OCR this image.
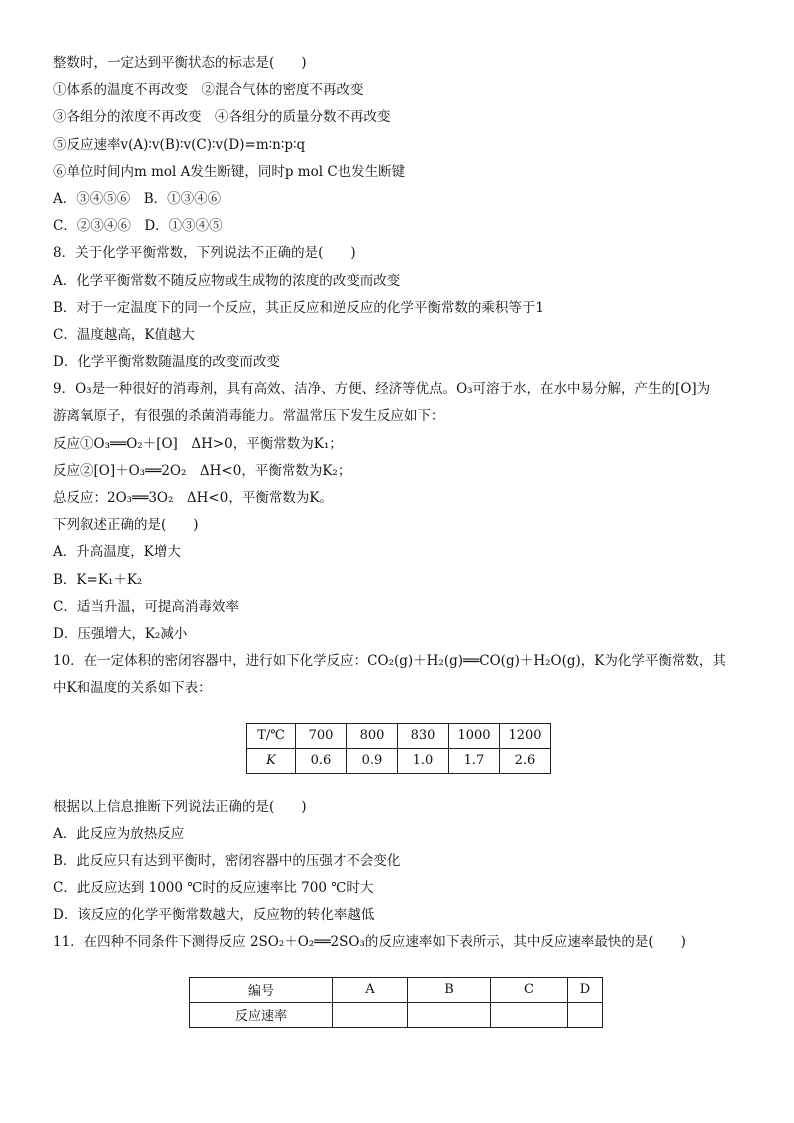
整数时，一定达到平衡状态的标志是(　　)
①体系的温度不再改变　②混合气体的密度不再改变
③各组分的浓度不再改变　④各组分的质量分数不再改变
⑤反应速率v(A)∶v(B)∶v(C)∶v(D)=m∶n∶p∶q
⑥单位时间内m mol A发生断键，同时p mol C也发生断键
A．③④⑤⑥　B．①③④⑥
C．②③④⑥　D．①③④⑤
8．关于化学平衡常数，下列说法不正确的是(　　)
A．化学平衡常数不随反应物或生成物的浓度的改变而改变
B．对于一定温度下的同一个反应，其正反应和逆反应的化学平衡常数的乘积等于1
C．温度越高，K值越大
D．化学平衡常数随温度的改变而改变
9．O₃是一种很好的消毒剂，具有高效、洁净、方便、经济等优点。O₃可溶于水，在水中易分解，产生的[O]为
游离氧原子，有很强的杀菌消毒能力。常温常压下发生反应如下：
反应①O₃══O₂＋[O]　ΔH>0，平衡常数为K₁；
反应②[O]＋O₃══2O₂　ΔH<0，平衡常数为K₂；
总反应：2O₃══3O₂　ΔH<0，平衡常数为K。
下列叙述正确的是(　　)
A．升高温度，K增大
B．K=K₁＋K₂
C．适当升温，可提高消毒效率
D．压强增大，K₂减小
10．在一定体积的密闭容器中，进行如下化学反应：CO₂(g)＋H₂(g)══CO(g)＋H₂O(g)，K为化学平衡常数，其
中K和温度的关系如下表：
T/℃	700	800	830	1000	1200
K	0.6	0.9	1.0	1.7	2.6
根据以上信息推断下列说法正确的是(　　)
A．此反应为放热反应
B．此反应只有达到平衡时，密闭容器中的压强才不会变化
C．此反应达到 1000 ℃时的反应速率比 700 ℃时大
D．该反应的化学平衡常数越大，反应物的转化率越低
11．在四种不同条件下测得反应 2SO₂＋O₂══2SO₃的反应速率如下表所示，其中反应速率最快的是(　　)
编号	A	B	C	D
反应速率				
